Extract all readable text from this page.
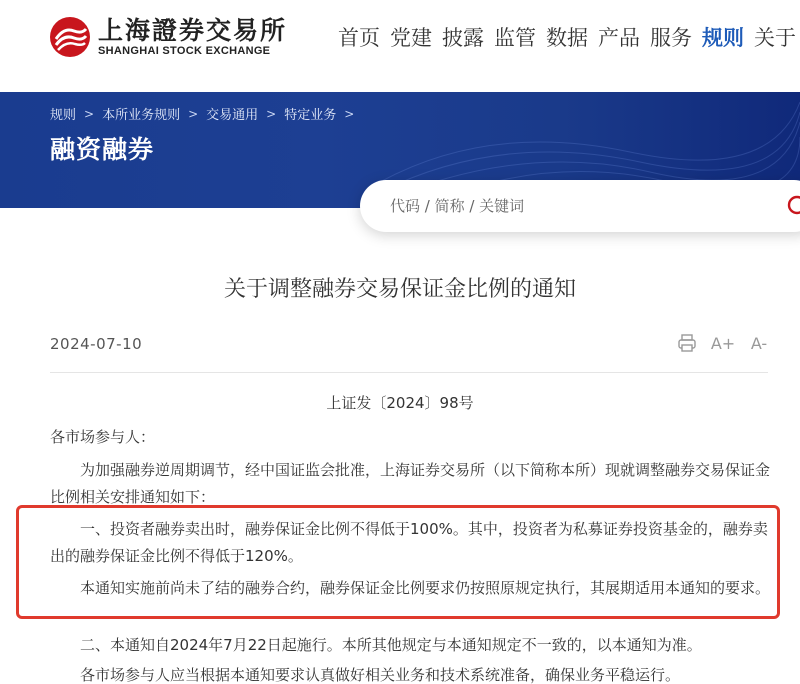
上海證券交易所
SHANGHAI STOCK EXCHANGE
首页 党建 披露 监管 数据 产品 服务 规则 关于
规则 > 本所业务规则 > 交易通用 > 特定业务 >
融资融券
代码 / 简称 / 关键词
关于调整融券交易保证金比例的通知
2024-07-10	A+ A-
上证发〔2024〕98号
各市场参与人：
为加强融券逆周期调节，经中国证监会批准，上海证券交易所（以下简称本所）现就调整融券交易保证金比例相关安排通知如下：
一、投资者融券卖出时，融券保证金比例不得低于100%。其中，投资者为私募证券投资基金的，融券卖出的融券保证金比例不得低于120%。
本通知实施前尚未了结的融券合约，融券保证金比例要求仍按照原规定执行，其展期适用本通知的要求。
二、本通知自2024年7月22日起施行。本所其他规定与本通知规定不一致的，以本通知为准。
各市场参与人应当根据本通知要求认真做好相关业务和技术系统准备，确保业务平稳运行。
